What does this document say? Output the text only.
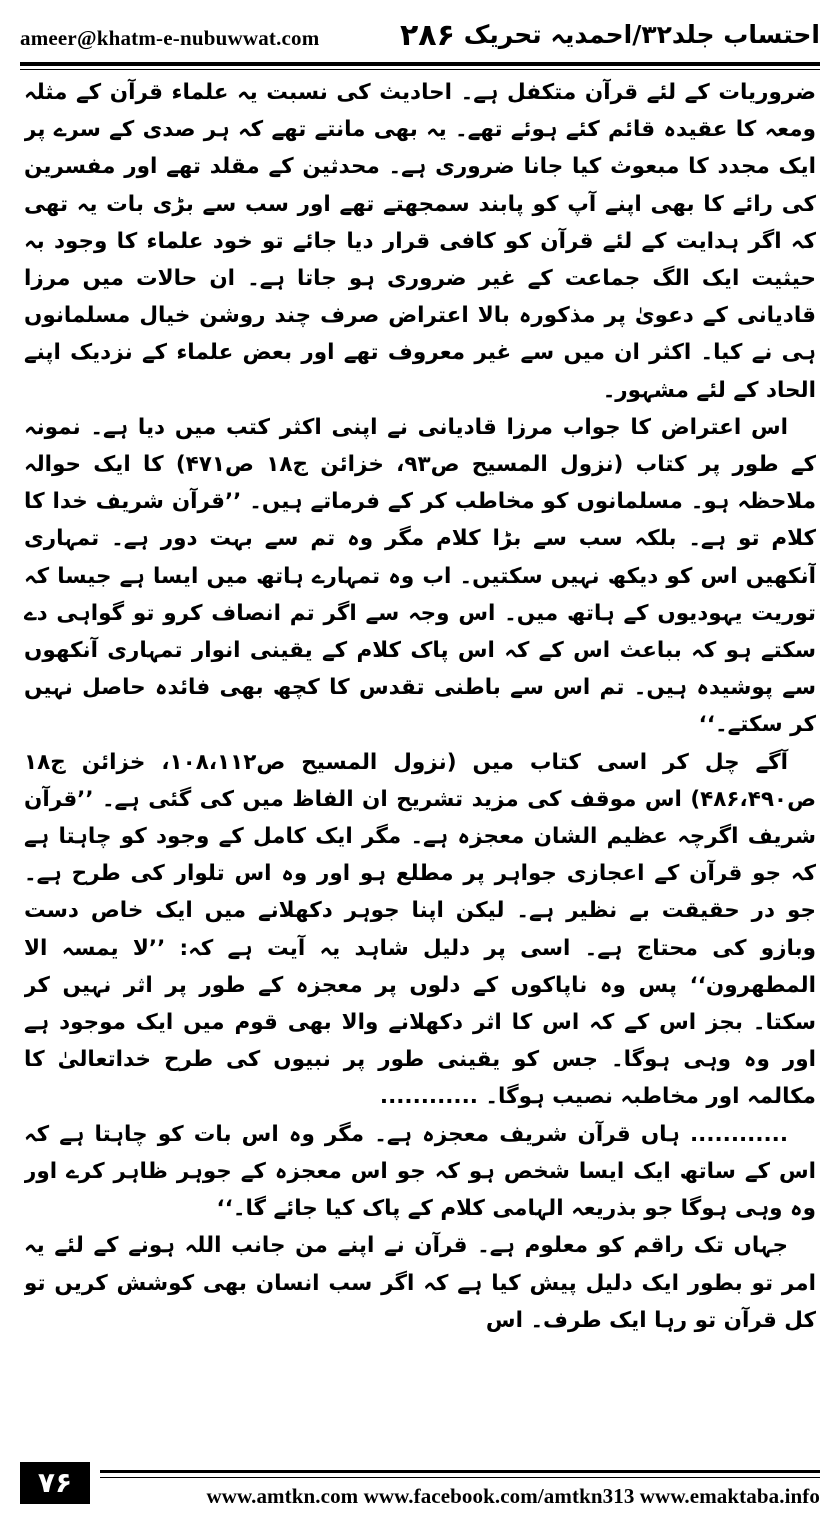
ameer@khatm-e-nubuwwat.com	۲۸۶ احتساب جلد۳۲/احمدیہ تحریک

ضروریات کے لئے قرآن متکفل ہے۔ احادیث کی نسبت یہ علماء قرآن کے مثلہ ومعہ کا عقیدہ قائم کئے ہوئے تھے۔ یہ بھی مانتے تھے کہ ہر صدی کے سرے پر ایک مجدد کا مبعوث کیا جانا ضروری ہے۔ محدثین کے مقلد تھے اور مفسرین کی رائے کا بھی اپنے آپ کو پابند سمجھتے تھے اور سب سے بڑی بات یہ تھی کہ اگر ہدایت کے لئے قرآن کو کافی قرار دیا جائے تو خود علماء کا وجود بہ حیثیت ایک الگ جماعت کے غیر ضروری ہو جاتا ہے۔ ان حالات میں مرزا قادیانی کے دعویٰ پر مذکورہ بالا اعتراض صرف چند روشن خیال مسلمانوں ہی نے کیا۔ اکثر ان میں سے غیر معروف تھے اور بعض علماء کے نزدیک اپنے الحاد کے لئے مشہور۔

اس اعتراض کا جواب مرزا قادیانی نے اپنی اکثر کتب میں دیا ہے۔ نمونہ کے طور پر کتاب (نزول المسیح ص۹۳، خزائن ج۱۸ ص۴۷۱) کا ایک حوالہ ملاحظہ ہو۔ مسلمانوں کو مخاطب کر کے فرماتے ہیں۔ ’’قرآن شریف خدا کا کلام تو ہے۔ بلکہ سب سے بڑا کلام مگر وہ تم سے بہت دور ہے۔ تمہاری آنکھیں اس کو دیکھ نہیں سکتیں۔ اب وہ تمہارے ہاتھ میں ایسا ہے جیسا کہ توریت یہودیوں کے ہاتھ میں۔ اس وجہ سے اگر تم انصاف کرو تو گواہی دے سکتے ہو کہ بباعث اس کے کہ اس پاک کلام کے یقینی انوار تمہاری آنکھوں سے پوشیدہ ہیں۔ تم اس سے باطنی تقدس کا کچھ بھی فائدہ حاصل نہیں کر سکتے۔‘‘

آگے چل کر اسی کتاب میں (نزول المسیح ص۱۰۸،۱۱۲، خزائن ج۱۸ ص۴۸۶،۴۹۰) اس موقف کی مزید تشریح ان الفاظ میں کی گئی ہے۔ ’’قرآن شریف اگرچہ عظیم الشان معجزہ ہے۔ مگر ایک کامل کے وجود کو چاہتا ہے کہ جو قرآن کے اعجازی جواہر پر مطلع ہو اور وہ اس تلوار کی طرح ہے۔ جو در حقیقت بے نظیر ہے۔ لیکن اپنا جوہر دکھلانے میں ایک خاص دست وبازو کی محتاج ہے۔ اسی پر دلیل شاہد یہ آیت ہے کہ: ’’لا یمسہ الا المطھرون‘‘ پس وہ ناپاکوں کے دلوں پر معجزہ کے طور پر اثر نہیں کر سکتا۔ بجز اس کے کہ اس کا اثر دکھلانے والا بھی قوم میں ایک موجود ہے اور وہ وہی ہوگا۔ جس کو یقینی طور پر نبیوں کی طرح خداتعالیٰ کا مکالمہ اور مخاطبہ نصیب ہوگا۔ ............

............ ہاں قرآن شریف معجزہ ہے۔ مگر وہ اس بات کو چاہتا ہے کہ اس کے ساتھ ایک ایسا شخص ہو کہ جو اس معجزہ کے جوہر ظاہر کرے اور وہ وہی ہوگا جو بذریعہ الہامی کلام کے پاک کیا جائے گا۔‘‘

جہاں تک راقم کو معلوم ہے۔ قرآن نے اپنے من جانب اللہ ہونے کے لئے یہ امر تو بطور ایک دلیل پیش کیا ہے کہ اگر سب انسان بھی کوشش کریں تو کل قرآن تو رہا ایک طرف۔ اس

۷۶	www.amtkn.com www.facebook.com/amtkn313 www.emaktaba.info
